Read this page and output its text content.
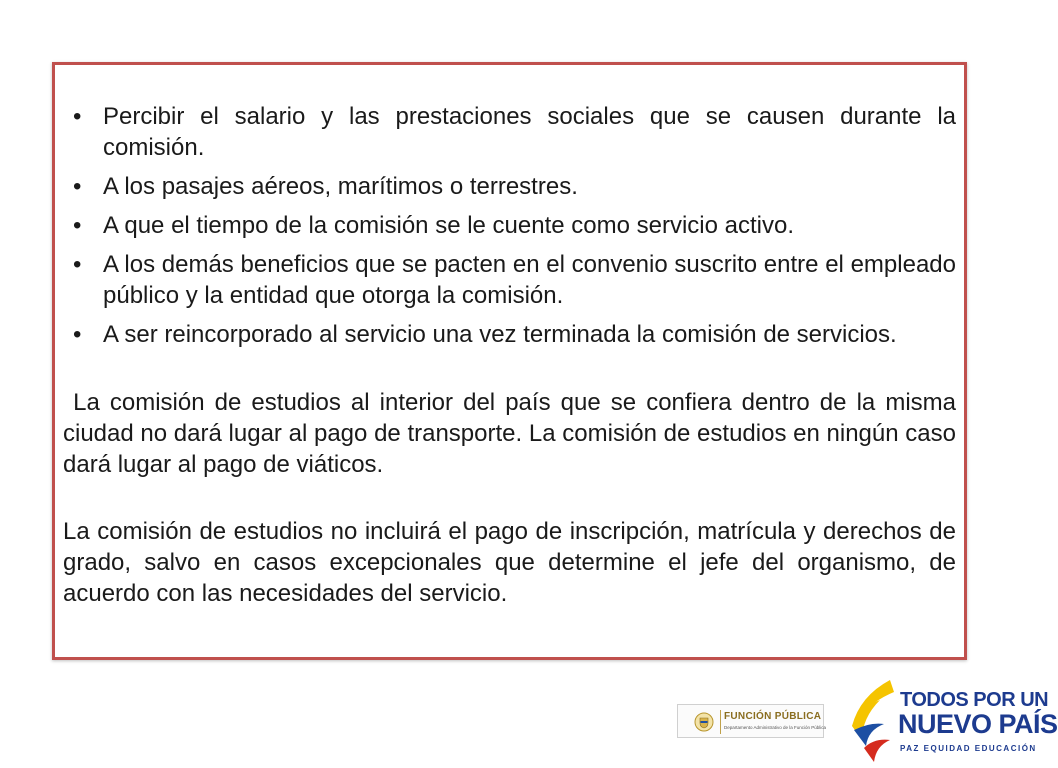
• Percibir el salario y las prestaciones sociales que se causen durante la comisión.
• A los pasajes aéreos, marítimos o terrestres.
• A que el tiempo de la comisión se le cuente como servicio activo.
• A los demás beneficios que se pacten en el convenio suscrito entre el empleado público y la entidad que otorga la comisión.
• A ser reincorporado al servicio una vez terminada la comisión de servicios.

La comisión de estudios al interior del país que se confiera dentro de la misma ciudad no dará lugar al pago de transporte. La comisión de estudios en ningún caso dará lugar al pago de viáticos.

La comisión de estudios no incluirá el pago de inscripción, matrícula y derechos de grado, salvo en casos excepcionales que determine el jefe del organismo, de acuerdo con las necesidades del servicio.

FUNCIÓN PÚBLICA
Departamento Administrativo de la Función Pública
TODOS POR UN
NUEVO PAÍS
PAZ EQUIDAD EDUCACIÓN
